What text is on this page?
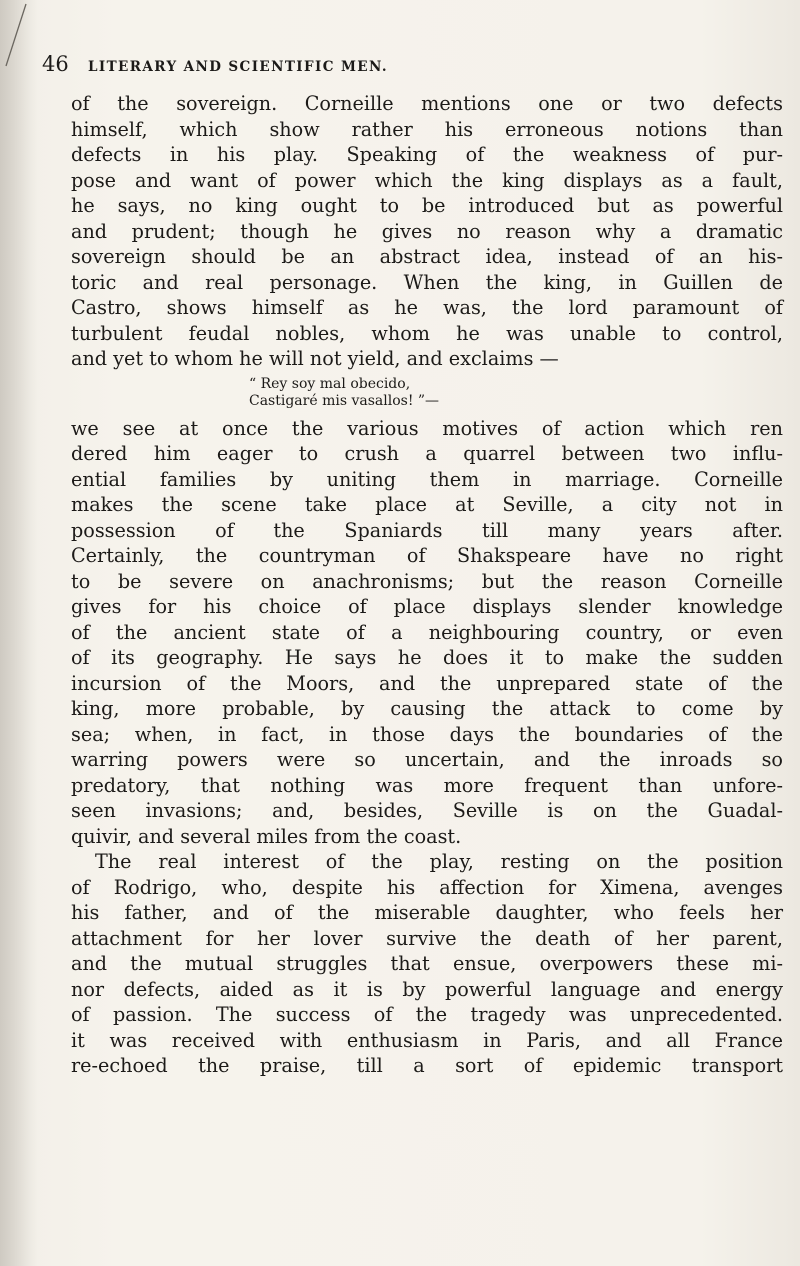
46 LITERARY AND SCIENTIFIC MEN.
of the sovereign. Corneille mentions one or two defects
himself, which show rather his erroneous notions than
defects in his play. Speaking of the weakness of pur-
pose and want of power which the king displays as a fault,
he says, no king ought to be introduced but as powerful
and prudent; though he gives no reason why a dramatic
sovereign should be an abstract idea, instead of an his-
toric and real personage. When the king, in Guillen de
Castro, shows himself as he was, the lord paramount of
turbulent feudal nobles, whom he was unable to control,
and yet to whom he will not yield, and exclaims —
“ Rey soy mal obecido,
Castigaré mis vasallos! ”—
we see at once the various motives of action which ren
dered him eager to crush a quarrel between two influ-
ential families by uniting them in marriage. Corneille
makes the scene take place at Seville, a city not in
possession of the Spaniards till many years after.
Certainly, the countryman of Shakspeare have no right
to be severe on anachronisms; but the reason Corneille
gives for his choice of place displays slender knowledge
of the ancient state of a neighbouring country, or even
of its geography. He says he does it to make the sudden
incursion of the Moors, and the unprepared state of the
king, more probable, by causing the attack to come by
sea; when, in fact, in those days the boundaries of the
warring powers were so uncertain, and the inroads so
predatory, that nothing was more frequent than unfore-
seen invasions; and, besides, Seville is on the Guadal-
quivir, and several miles from the coast.
The real interest of the play, resting on the position
of Rodrigo, who, despite his affection for Ximena, avenges
his father, and of the miserable daughter, who feels her
attachment for her lover survive the death of her parent,
and the mutual struggles that ensue, overpowers these mi-
nor defects, aided as it is by powerful language and energy
of passion. The success of the tragedy was unprecedented.
it was received with enthusiasm in Paris, and all France
re-echoed the praise, till a sort of epidemic transport
